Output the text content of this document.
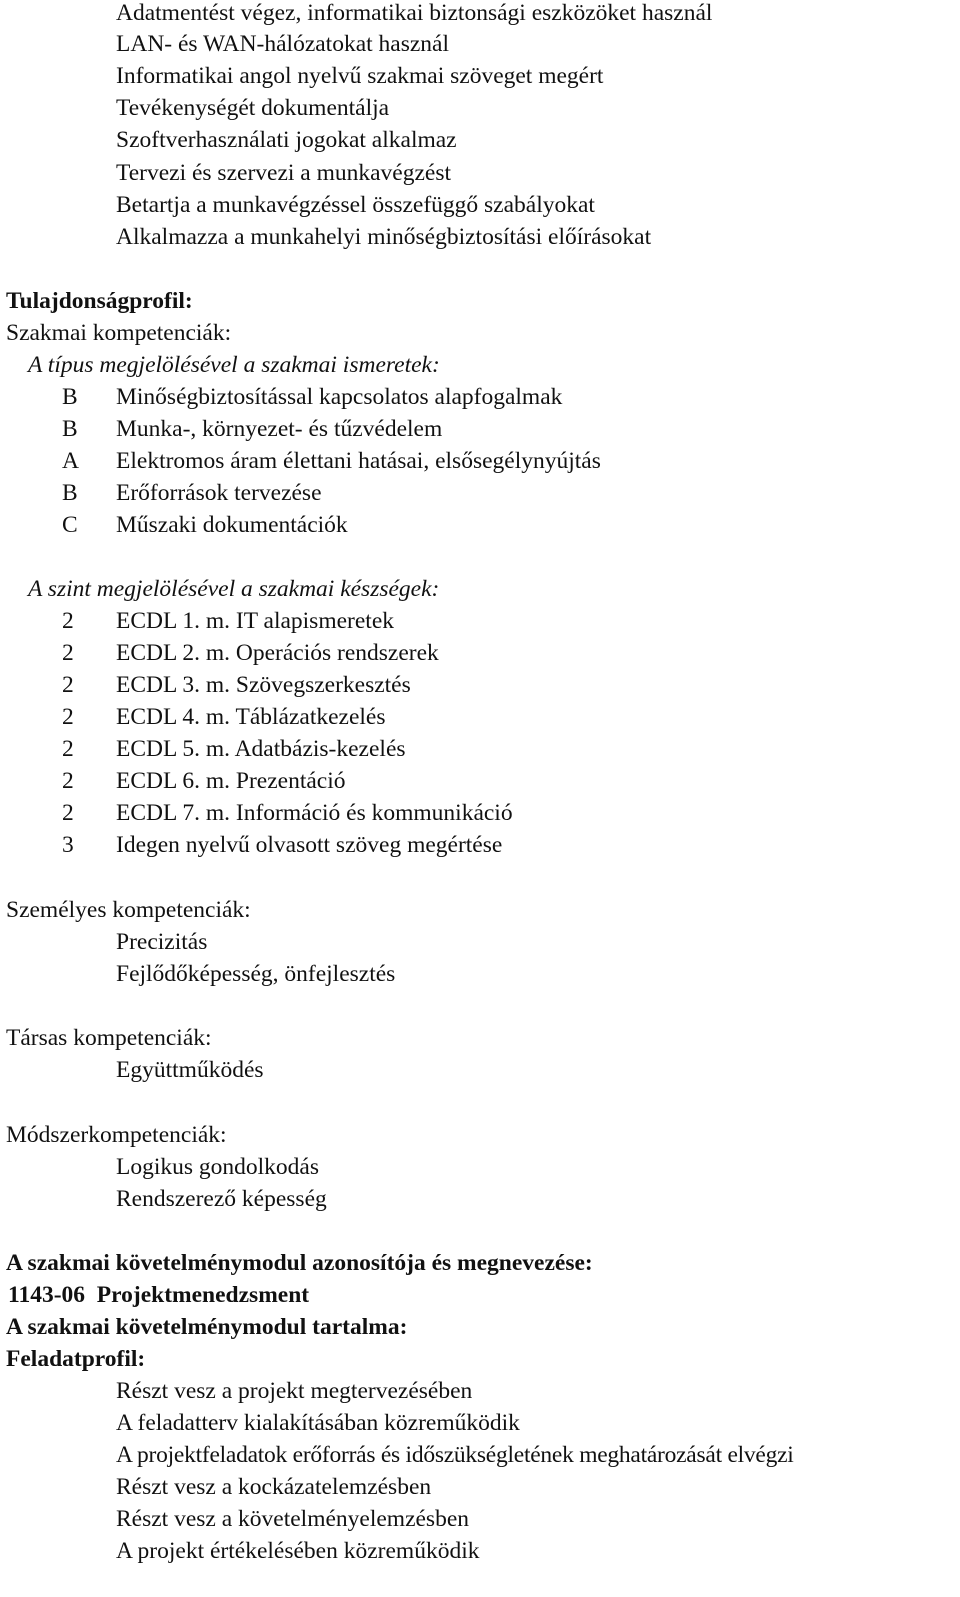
Adatmentést végez, informatikai biztonsági eszközöket használ
LAN- és WAN-hálózatokat használ
Informatikai angol nyelvű szakmai szöveget megért
Tevékenységét dokumentálja
Szoftverhasználati jogokat alkalmaz
Tervezi és szervezi a munkavégzést
Betartja a munkavégzéssel összefüggő szabályokat
Alkalmazza a munkahelyi minőségbiztosítási előírásokat
Tulajdonságprofil:
Szakmai kompetenciák:
A típus megjelölésével a szakmai ismeretek:
B	Minőségbiztosítással kapcsolatos alapfogalmak
B	Munka-, környezet- és tűzvédelem
A	Elektromos áram élettani hatásai, elsősegélynyújtás
B	Erőforrások tervezése
C	Műszaki dokumentációk
A szint megjelölésével a szakmai készségek:
2	ECDL 1. m. IT alapismeretek
2	ECDL 2. m. Operációs rendszerek
2	ECDL 3. m. Szövegszerkesztés
2	ECDL 4. m. Táblázatkezelés
2	ECDL 5. m. Adatbázis-kezelés
2	ECDL 6. m. Prezentáció
2	ECDL 7. m. Információ és kommunikáció
3	Idegen nyelvű olvasott szöveg megértése
Személyes kompetenciák:
Precizitás
Fejlődőképesség, önfejlesztés
Társas kompetenciák:
Együttműködés
Módszerkompetenciák:
Logikus gondolkodás
Rendszerező képesség
A szakmai követelménymodul azonosítója és megnevezése:
1143-06  Projektmenedzsment
A szakmai követelménymodul tartalma:
Feladatprofil:
Részt vesz a projekt megtervezésében
A feladatterv kialakításában közreműködik
A projektfeladatok erőforrás és időszükségletének meghatározását elvégzi
Részt vesz a kockázatelemzésben
Részt vesz a követelményelemzésben
A projekt értékelésében közreműködik
